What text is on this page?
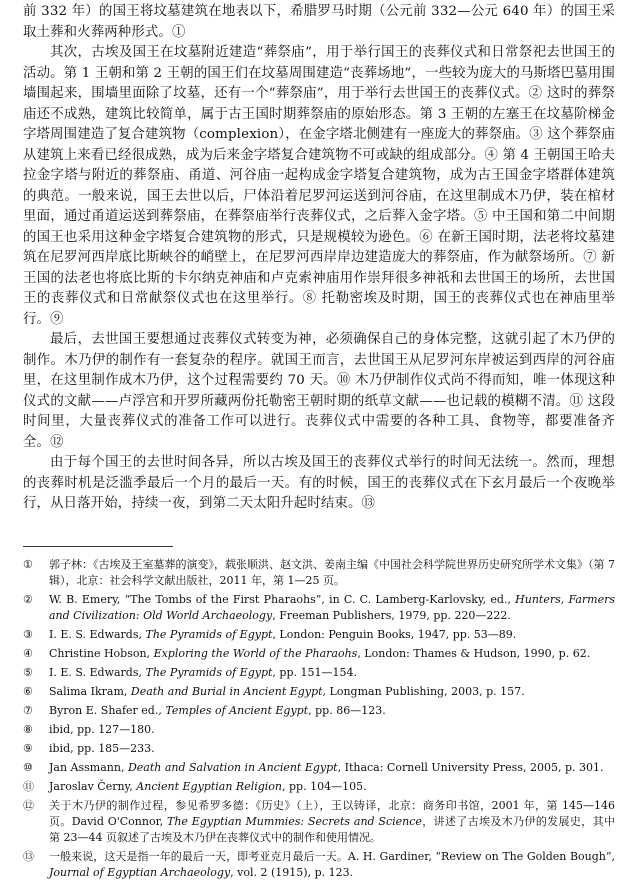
前 332 年）的国王将坟墓建筑在地表以下，希腊罗马时期（公元前 332—公元 640 年）的国王采取土葬和火葬两种形式。①

其次，古埃及国王在坟墓附近建造“葬祭庙”，用于举行国王的丧葬仪式和日常祭祀去世国王的活动。第 1 王朝和第 2 王朝的国王们在坟墓周围建造“丧葬场地”，一些较为庞大的马斯塔巴墓用围墙围起来，围墙里面除了坟墓，还有一个“葬祭庙”，用于举行去世国王的丧葬仪式。② 这时的葬祭庙还不成熟，建筑比较简单，属于古王国时期葬祭庙的原始形态。第 3 王朝的左塞王在坟墓阶梯金字塔周围建造了复合建筑物（complexion），在金字塔北侧建有一座庞大的葬祭庙。③ 这个葬祭庙从建筑上来看已经很成熟，成为后来金字塔复合建筑物不可或缺的组成部分。④ 第 4 王朝国王哈夫拉金字塔与附近的葬祭庙、甬道、河谷庙一起构成金字塔复合建筑物，成为古王国金字塔群体建筑的典范。一般来说，国王去世以后，尸体沿着尼罗河运送到河谷庙，在这里制成木乃伊，装在棺材里面，通过甬道运送到葬祭庙，在葬祭庙举行丧葬仪式，之后葬入金字塔。⑤ 中王国和第二中间期的国王也采用这种金字塔复合建筑物的形式，只是规模较为逊色。⑥ 在新王国时期，法老将坟墓建筑在尼罗河西岸底比斯峡谷的峭壁上，在尼罗河西岸岸边建造庞大的葬祭庙，作为献祭场所。⑦ 新王国的法老也将底比斯的卡尔纳克神庙和卢克索神庙用作崇拜很多神祇和去世国王的场所，去世国王的丧葬仪式和日常献祭仪式也在这里举行。⑧ 托勒密埃及时期，国王的丧葬仪式也在神庙里举行。⑨

最后，去世国王要想通过丧葬仪式转变为神，必须确保自己的身体完整，这就引起了木乃伊的制作。木乃伊的制作有一套复杂的程序。就国王而言，去世国王从尼罗河东岸被运到西岸的河谷庙里，在这里制作成木乃伊，这个过程需要约 70 天。⑩ 木乃伊制作仪式尚不得而知，唯一体现这种仪式的文献——卢浮宫和开罗所藏两份托勒密王朝时期的纸草文献——也记载的模糊不清。⑪ 这段时间里，大量丧葬仪式的准备工作可以进行。丧葬仪式中需要的各种工具、食物等，都要准备齐全。⑫

由于每个国王的去世时间各异，所以古埃及国王的丧葬仪式举行的时间无法统一。然而，理想的丧葬时机是泛滥季最后一个月的最后一天。有的时候，国王的丧葬仪式在下玄月最后一个夜晚举行，从日落开始，持续一夜，到第二天太阳升起时结束。⑬

①	郭子林：《古埃及王室墓葬的演变》，载张顺洪、赵文洪、姜南主编《中国社会科学院世界历史研究所学术文集》（第 7 辑），北京：社会科学文献出版社，2011 年，第 1—25 页。
②	W. B. Emery, “The Tombs of the First Pharaohs”, in C. C. Lamberg-Karlovsky, ed., Hunters, Farmers and Civilization: Old World Archaeology, Freeman Publishers, 1979, pp. 220—222.
③	I. E. S. Edwards, The Pyramids of Egypt, London: Penguin Books, 1947, pp. 53—89.
④	Christine Hobson, Exploring the World of the Pharaohs, London: Thames & Hudson, 1990, p. 62.
⑤	I. E. S. Edwards, The Pyramids of Egypt, pp. 151—154.
⑥	Salima Ikram, Death and Burial in Ancient Egypt, Longman Publishing, 2003, p. 157.
⑦	Byron E. Shafer ed., Temples of Ancient Egypt, pp. 86—123.
⑧	ibid, pp. 127—180.
⑨	ibid, pp. 185—233.
⑩	Jan Assmann, Death and Salvation in Ancient Egypt, Ithaca: Cornell University Press, 2005, p. 301.
⑪	Jaroslav Černy, Ancient Egyptian Religion, pp. 104—105.
⑫	关于木乃伊的制作过程，参见希罗多德：《历史》（上），王以铸译，北京：商务印书馆，2001 年，第 145—146 页。David O'Connor, The Egyptian Mummies: Secrets and Science，讲述了古埃及木乃伊的发展史，其中第 23—44 页叙述了古埃及木乃伊在丧葬仪式中的制作和使用情况。
⑬	一般来说，这天是指一年的最后一天，即考亚克月最后一天。A. H. Gardiner, “Review on The Golden Bough”, Journal of Egyptian Archaeology, vol. 2 (1915), p. 123.
